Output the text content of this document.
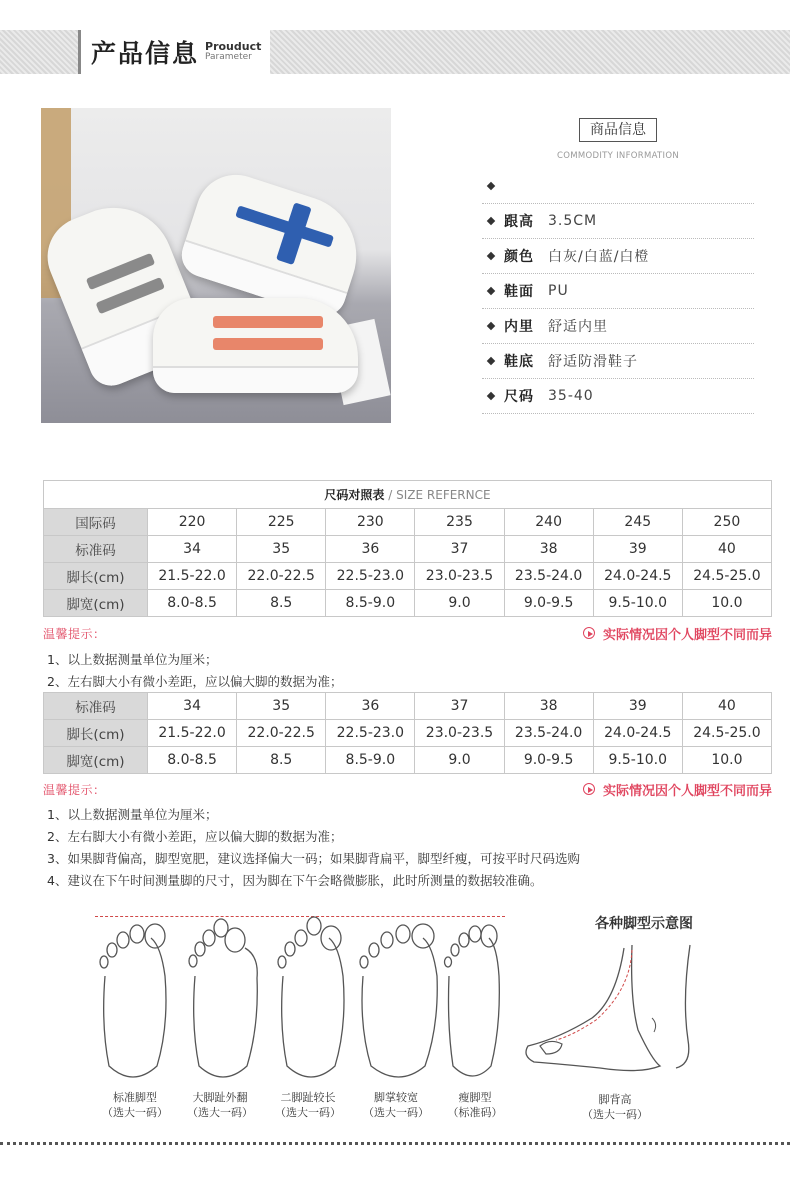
产品信息 Prouduct
Parameter
商品信息
COMMODITY INFORMATION
跟高	3.5CM
颜色	白灰/白蓝/白橙
鞋面	PU
内里	舒适内里
鞋底	舒适防滑鞋子
尺码	35-40
尺码对照表 / SIZE REFERNCE							
国际码	220	225	230	235	240	245	250
标准码	34	35	36	37	38	39	40
脚长(cm)	21.5-22.0	22.0-22.5	22.5-23.0	23.0-23.5	23.5-24.0	24.0-24.5	24.5-25.0
脚宽(cm)	8.0-8.5	8.5	8.5-9.0	9.0	9.0-9.5	9.5-10.0	10.0
温馨提示：	实际情况因个人脚型不同而异
1、以上数据测量单位为厘米；
2、左右脚大小有微小差距，应以偏大脚的数据为准；
标准码	34	35	36	37	38	39	40
脚长(cm)	21.5-22.0	22.0-22.5	22.5-23.0	23.0-23.5	23.5-24.0	24.0-24.5	24.5-25.0
脚宽(cm)	8.0-8.5	8.5	8.5-9.0	9.0	9.0-9.5	9.5-10.0	10.0
温馨提示：	实际情况因个人脚型不同而异
1、以上数据测量单位为厘米；
2、左右脚大小有微小差距，应以偏大脚的数据为准；
3、如果脚背偏高，脚型宽肥，建议选择偏大一码；如果脚背扁平，脚型纤瘦，可按平时尺码选购
4、建议在下午时间测量脚的尺寸，因为脚在下午会略微膨胀，此时所测量的数据较准确。
标准脚型
（选大一码）
大脚趾外翻
（选大一码）
二脚趾较长
（选大一码）
脚掌较宽
（选大一码）
瘦脚型
（标准码）
各种脚型示意图
脚背高
（选大一码）
